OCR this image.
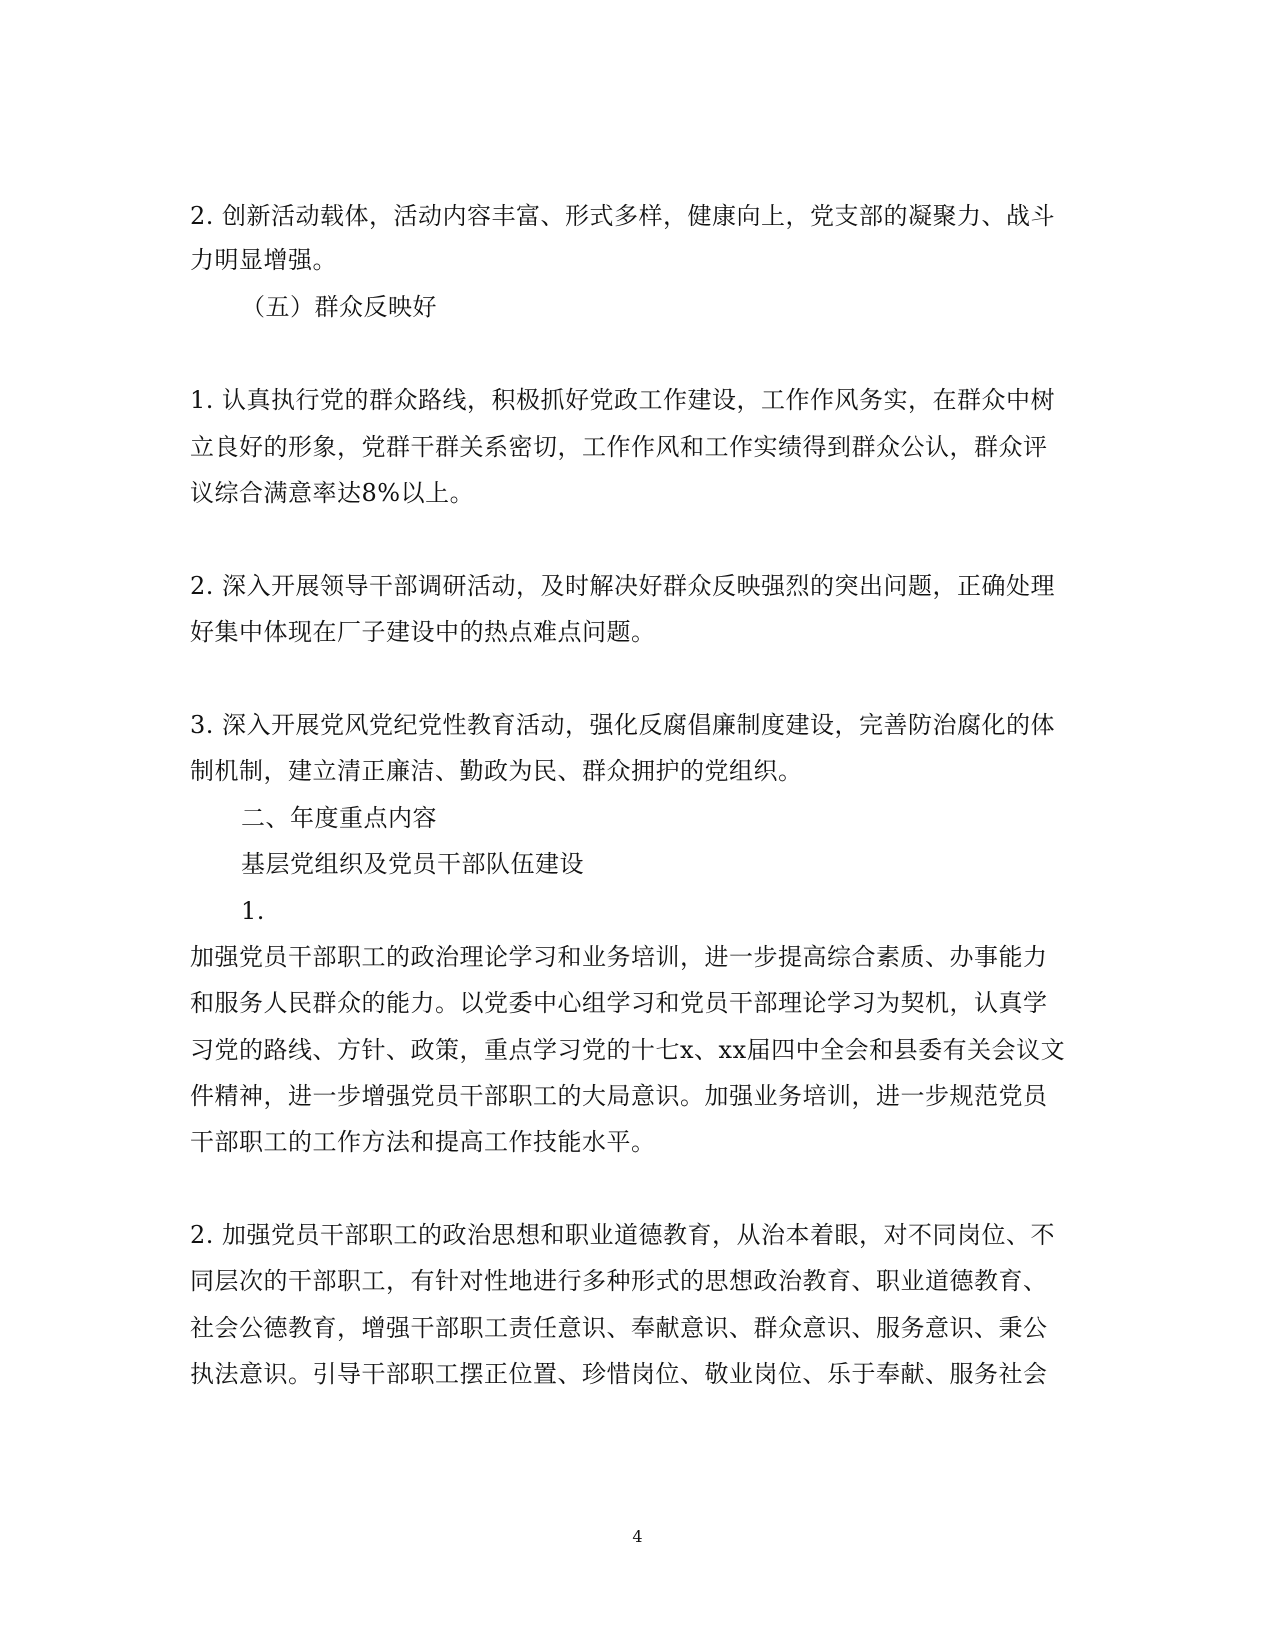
2. 创新活动载体，活动内容丰富、形式多样，健康向上，党支部的凝聚力、战斗
力明显增强。
（五）群众反映好
1. 认真执行党的群众路线，积极抓好党政工作建设，工作作风务实，在群众中树
立良好的形象，党群干群关系密切，工作作风和工作实绩得到群众公认，群众评
议综合满意率达8%以上。
2. 深入开展领导干部调研活动，及时解决好群众反映强烈的突出问题，正确处理
好集中体现在厂子建设中的热点难点问题。
3. 深入开展党风党纪党性教育活动，强化反腐倡廉制度建设，完善防治腐化的体
制机制，建立清正廉洁、勤政为民、群众拥护的党组织。
二、年度重点内容
基层党组织及党员干部队伍建设
1.
加强党员干部职工的政治理论学习和业务培训，进一步提高综合素质、办事能力
和服务人民群众的能力。以党委中心组学习和党员干部理论学习为契机，认真学
习党的路线、方针、政策，重点学习党的十七x、xx届四中全会和县委有关会议文
件精神，进一步增强党员干部职工的大局意识。加强业务培训，进一步规范党员
干部职工的工作方法和提高工作技能水平。
2. 加强党员干部职工的政治思想和职业道德教育，从治本着眼，对不同岗位、不
同层次的干部职工，有针对性地进行多种形式的思想政治教育、职业道德教育、
社会公德教育，增强干部职工责任意识、奉献意识、群众意识、服务意识、秉公
执法意识。引导干部职工摆正位置、珍惜岗位、敬业岗位、乐于奉献、服务社会
4
